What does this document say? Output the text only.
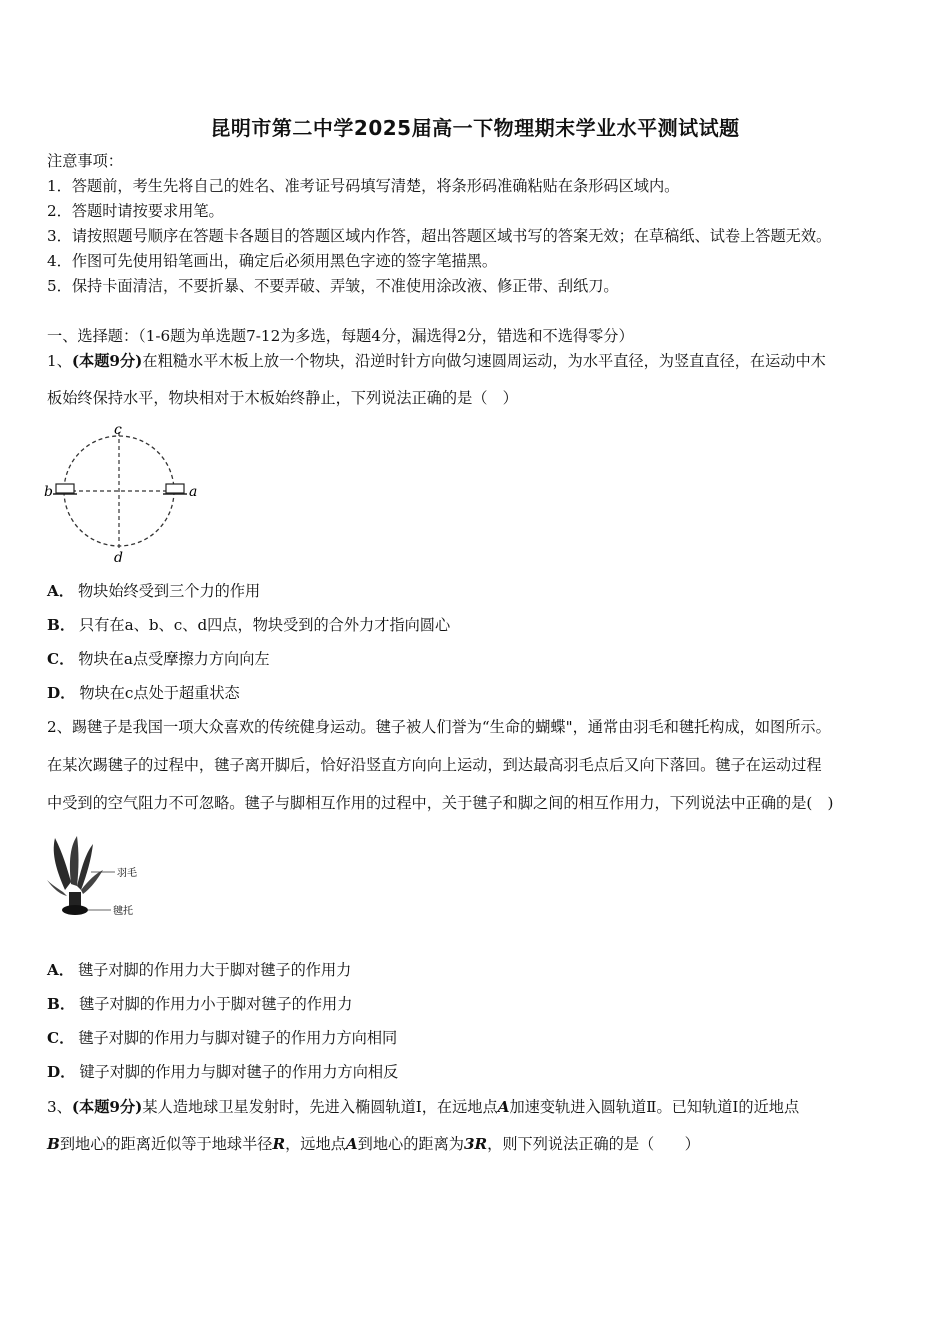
昆明市第二中学2025届高一下物理期末学业水平测试试题
注意事项：
1．答题前，考生先将自己的姓名、准考证号码填写清楚，将条形码准确粘贴在条形码区域内。
2．答题时请按要求用笔。
3．请按照题号顺序在答题卡各题目的答题区域内作答，超出答题区域书写的答案无效；在草稿纸、试卷上答题无效。
4．作图可先使用铅笔画出，确定后必须用黑色字迹的签字笔描黑。
5．保持卡面清洁，不要折暴、不要弄破、弄皱，不准使用涂改液、修正带、刮纸刀。
一、选择题：（1-6题为单选题7-12为多选，每题4分，漏选得2分，错选和不选得零分）
1、(本题9分)在粗糙水平木板上放一个物块，沿逆时针方向做匀速圆周运动，为水平直径，为竖直直径，在运动中木
板始终保持水平，物块相对于木板始终静止，下列说法正确的是（　）
a
b
c
d
A． 物块始终受到三个力的作用
B． 只有在a、b、c、d四点，物块受到的合外力才指向圆心
C． 物块在a点受摩擦力方向向左
D． 物块在c点处于超重状态
2、踢毽子是我国一项大众喜欢的传统健身运动。毽子被人们誉为“生命的蝴蝶"，通常由羽毛和毽托构成，如图所示。
在某次踢毽子的过程中，毽子离开脚后，恰好沿竖直方向向上运动，到达最高羽毛点后又向下落回。毽子在运动过程
中受到的空气阻力不可忽略。毽子与脚相互作用的过程中，关于毽子和脚之间的相互作用力，下列说法中正确的是(　)
羽毛
毽托
A． 毽子对脚的作用力大于脚对毽子的作用力
B． 毽子对脚的作用力小于脚对毽子的作用力
C． 毽子对脚的作用力与脚对键子的作用力方向相同
D． 键子对脚的作用力与脚对毽子的作用力方向相反
3、(本题9分)某人造地球卫星发射时，先进入椭圆轨道Ⅰ，在远地点A加速变轨进入圆轨道Ⅱ。已知轨道Ⅰ的近地点
B到地心的距离近似等于地球半径R，远地点A到地心的距离为3R，则下列说法正确的是（　　）
